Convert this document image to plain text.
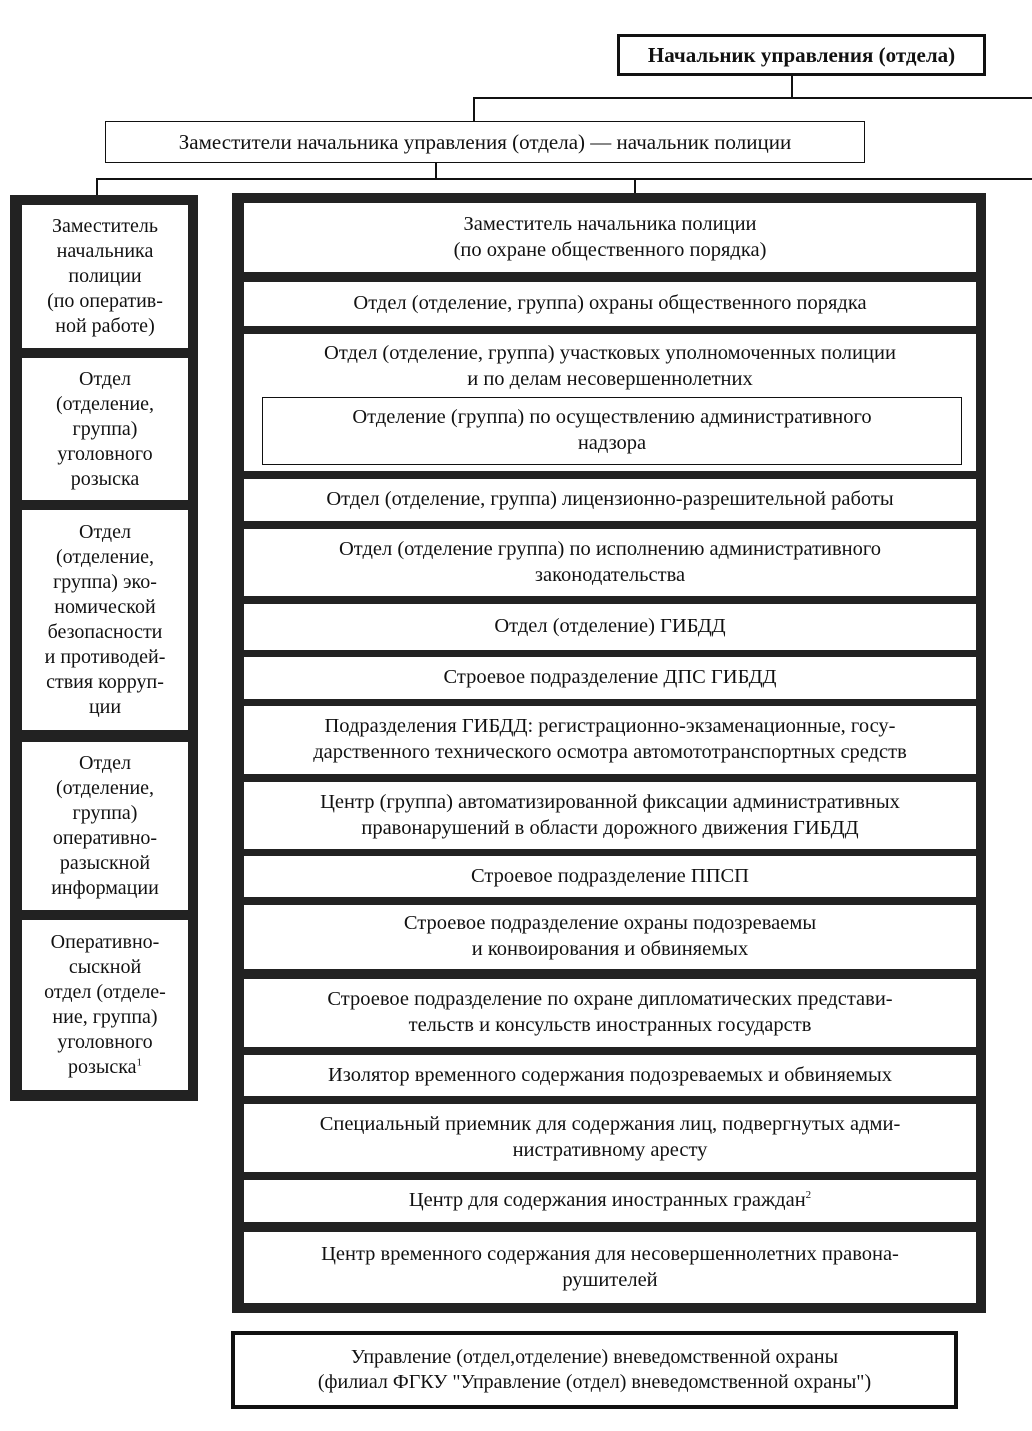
Начальник управления (отдела)
Заместители начальника управления (отдела) — начальник полиции
Заместитель
начальника
полиции
(по оператив-
ной работе)
Отдел
(отделение,
группа)
уголовного
розыска
Отдел
(отделение,
группа) эко-
номической
безопасности
и противодей-
ствия корруп-
ции
Отдел
(отделение,
группа)
оперативно-
разыскной
информации
Оперативно-
сыскной
отдел (отделе-
ние, группа)
уголовного
розыска$^1$
Заместитель начальника полиции
(по охране общественного порядка)
Отдел (отделение, группа) охраны общественного порядка
Отдел (отделение, группа) участковых уполномоченных полиции
и по делам несовершеннолетних
Отделение (группа) по осуществлению административного
надзора
Отдел (отделение, группа) лицензионно-разрешительной работы
Отдел (отделение группа) по исполнению административного
законодательства
Отдел (отделение) ГИБДД
Строевое подразделение ДПС ГИБДД
Подразделения ГИБДД: регистрационно-экзаменационные, госу-
дарственного технического осмотра автомототранспортных средств
Центр (группа) автоматизированной фиксации административных
правонарушений в области дорожного движения ГИБДД
Строевое подразделение ППСП
Строевое подразделение охраны подозреваемы
и конвоирования и обвиняемых
Строевое подразделение по охране дипломатических представи-
тельств и консульств иностранных государств
Изолятор временного содержания подозреваемых и обвиняемых
Специальный приемник для содержания лиц, подвергнутых адми-
нистративному аресту
Центр для содержания иностранных граждан$^2$
Центр временного содержания для несовершеннолетних правона-
рушителей
Управление (отдел,отделение) вневедомственной охраны
(филиал ФГКУ "Управление (отдел) вневедомственной охраны")
